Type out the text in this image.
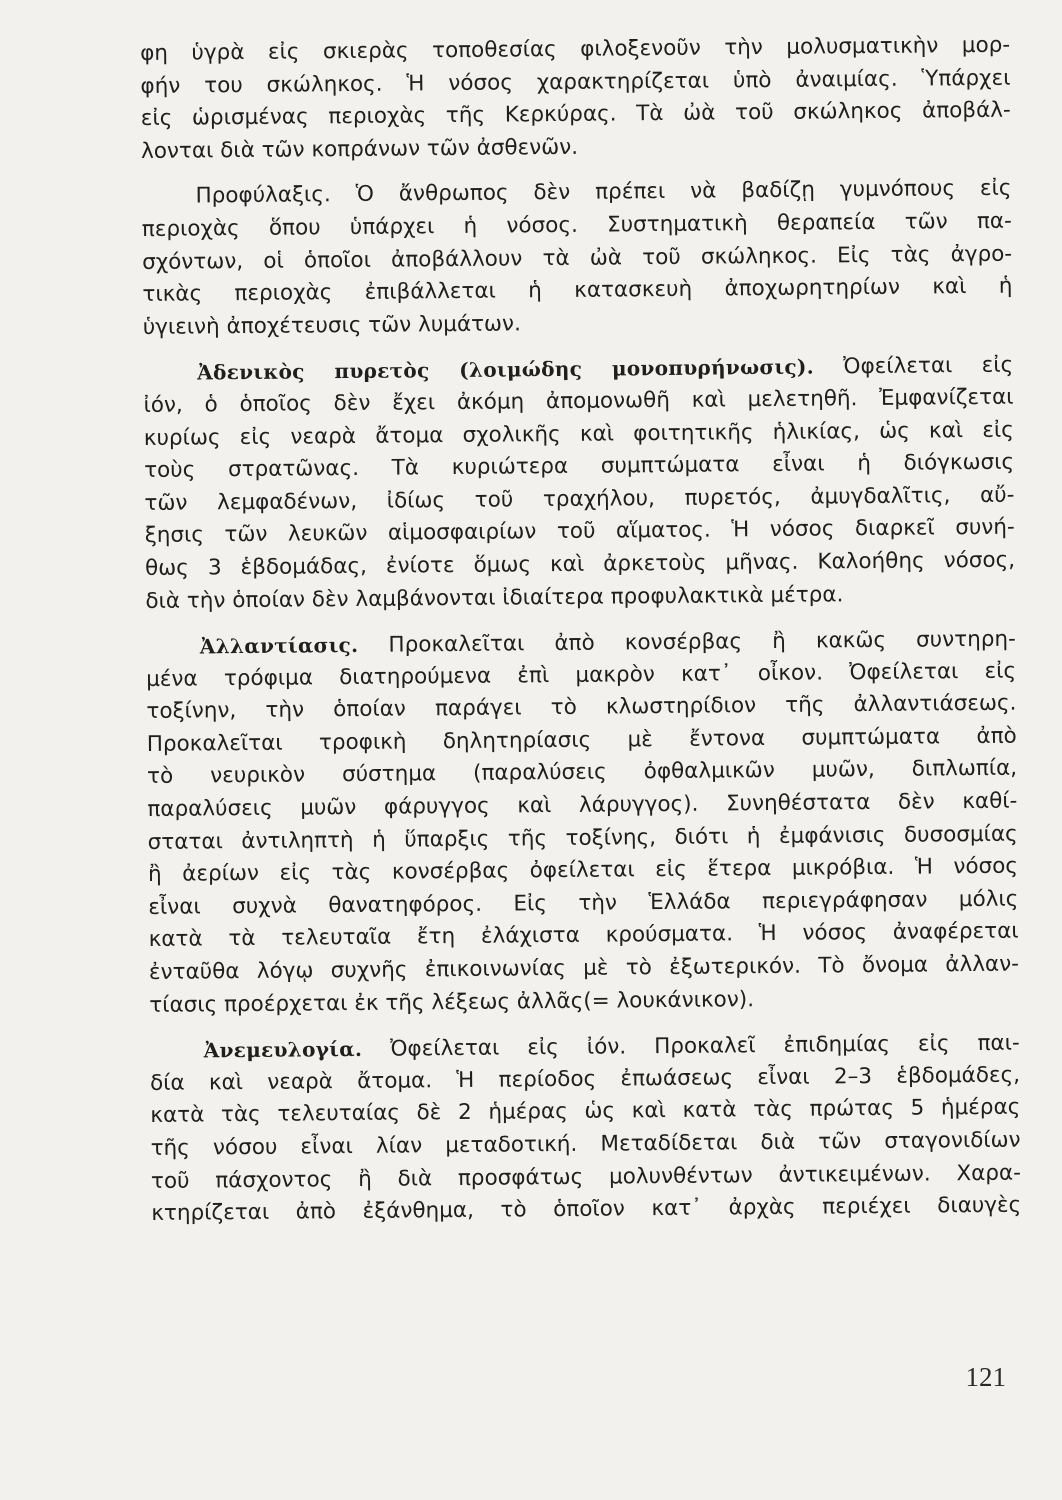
φη ὑγρὰ εἰς σκιερὰς τοποθεσίας φιλοξενοῦν τὴν μολυσματικὴν μορ-
φήν του σκώληκος. Ἡ νόσος χαρακτηρίζεται ὑπὸ ἀναιμίας. Ὑπάρχει
εἰς ὡρισμένας περιοχὰς τῆς Κερκύρας. Τὰ ὠὰ τοῦ σκώληκος ἀποβάλ-
λονται διὰ τῶν κοπράνων τῶν ἀσθενῶν.
Προφύλαξις. Ὁ ἄνθρωπος δὲν πρέπει νὰ βαδίζῃ γυμνόπους εἰς
περιοχὰς ὅπου ὑπάρχει ἡ νόσος. Συστηματικὴ θεραπεία τῶν πα-
σχόντων, οἱ ὁποῖοι ἀποβάλλουν τὰ ὠὰ τοῦ σκώληκος. Εἰς τὰς ἀγρο-
τικὰς περιοχὰς ἐπιβάλλεται ἡ κατασκευὴ ἀποχωρητηρίων καὶ ἡ
ὑγιεινὴ ἀποχέτευσις τῶν λυμάτων.
Ἀδενικὸς πυρετὸς (λοιμώδης μονοπυρήνωσις). Ὀφείλεται εἰς
ἰόν, ὁ ὁποῖος δὲν ἔχει ἀκόμη ἀπομονωθῆ καὶ μελετηθῆ. Ἐμφανίζεται
κυρίως εἰς νεαρὰ ἄτομα σχολικῆς καὶ φοιτητικῆς ἡλικίας, ὡς καὶ εἰς
τοὺς στρατῶνας. Τὰ κυριώτερα συμπτώματα εἶναι ἡ διόγκωσις
τῶν λεμφαδένων, ἰδίως τοῦ τραχήλου, πυρετός, ἀμυγδαλῖτις, αὔ-
ξησις τῶν λευκῶν αἱμοσφαιρίων τοῦ αἵματος. Ἡ νόσος διαρκεῖ συνή-
θως 3 ἑβδομάδας, ἐνίοτε ὅμως καὶ ἀρκετοὺς μῆνας. Καλοήθης νόσος,
διὰ τὴν ὁποίαν δὲν λαμβάνονται ἰδιαίτερα προφυλακτικὰ μέτρα.
Ἀλλαντίασις. Προκαλεῖται ἀπὸ κονσέρβας ἢ κακῶς συντηρη-
μένα τρόφιμα διατηρούμενα ἐπὶ μακρὸν κατ᾿ οἶκον. Ὀφείλεται εἰς
τοξίνην, τὴν ὁποίαν παράγει τὸ κλωστηρίδιον τῆς ἀλλαντιάσεως.
Προκαλεῖται τροφικὴ δηλητηρίασις μὲ ἔντονα συμπτώματα ἀπὸ
τὸ νευρικὸν σύστημα (παραλύσεις ὀφθαλμικῶν μυῶν, διπλωπία,
παραλύσεις μυῶν φάρυγγος καὶ λάρυγγος). Συνηθέστατα δὲν καθί-
σταται ἀντιληπτὴ ἡ ὕπαρξις τῆς τοξίνης, διότι ἡ ἐμφάνισις δυσοσμίας
ἢ ἀερίων εἰς τὰς κονσέρβας ὀφείλεται εἰς ἕτερα μικρόβια. Ἡ νόσος
εἶναι συχνὰ θανατηφόρος. Εἰς τὴν Ἑλλάδα περιεγράφησαν μόλις
κατὰ τὰ τελευταῖα ἔτη ἐλάχιστα κρούσματα. Ἡ νόσος ἀναφέρεται
ἐνταῦθα λόγῳ συχνῆς ἐπικοινωνίας μὲ τὸ ἐξωτερικόν. Τὸ ὄνομα ἀλλαν-
τίασις προέρχεται ἐκ τῆς λέξεως ἀλλᾶς(= λουκάνικον).
Ἀνεμευλογία. Ὀφείλεται εἰς ἰόν. Προκαλεῖ ἐπιδημίας εἰς παι-
δία καὶ νεαρὰ ἄτομα. Ἡ περίοδος ἐπωάσεως εἶναι 2–3 ἑβδομάδες,
κατὰ τὰς τελευταίας δὲ 2 ἡμέρας ὡς καὶ κατὰ τὰς πρώτας 5 ἡμέρας
τῆς νόσου εἶναι λίαν μεταδοτική. Μεταδίδεται διὰ τῶν σταγονιδίων
τοῦ πάσχοντος ἢ διὰ προσφάτως μολυνθέντων ἀντικειμένων. Χαρα-
κτηρίζεται ἀπὸ ἐξάνθημα, τὸ ὁποῖον κατ᾿ ἀρχὰς περιέχει διαυγὲς
121
